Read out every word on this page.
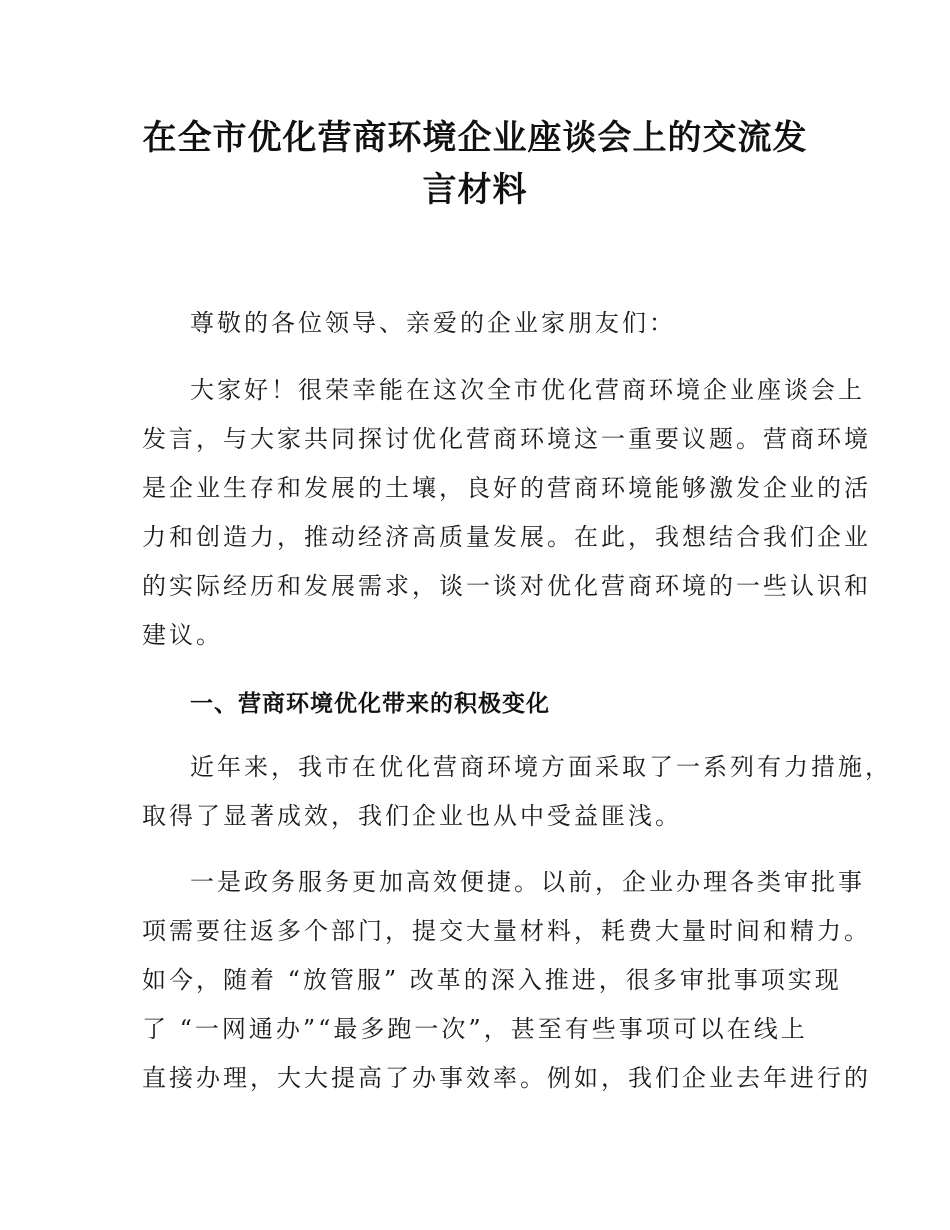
在全市优化营商环境企业座谈会上的交流发
言材料

尊敬的各位领导、亲爱的企业家朋友们：

大家好！很荣幸能在这次全市优化营商环境企业座谈会上
发言，与大家共同探讨优化营商环境这一重要议题。营商环境
是企业生存和发展的土壤，良好的营商环境能够激发企业的活
力和创造力，推动经济高质量发展。在此，我想结合我们企业
的实际经历和发展需求，谈一谈对优化营商环境的一些认识和
建议。

一、营商环境优化带来的积极变化

近年来，我市在优化营商环境方面采取了一系列有力措施，
取得了显著成效，我们企业也从中受益匪浅。

一是政务服务更加高效便捷。以前，企业办理各类审批事
项需要往返多个部门，提交大量材料，耗费大量时间和精力。
如今，随着 “放管服” 改革的深入推进，很多审批事项实现
了 “一网通办”“最多跑一次”，甚至有些事项可以在线上
直接办理，大大提高了办事效率。例如，我们企业去年进行的
